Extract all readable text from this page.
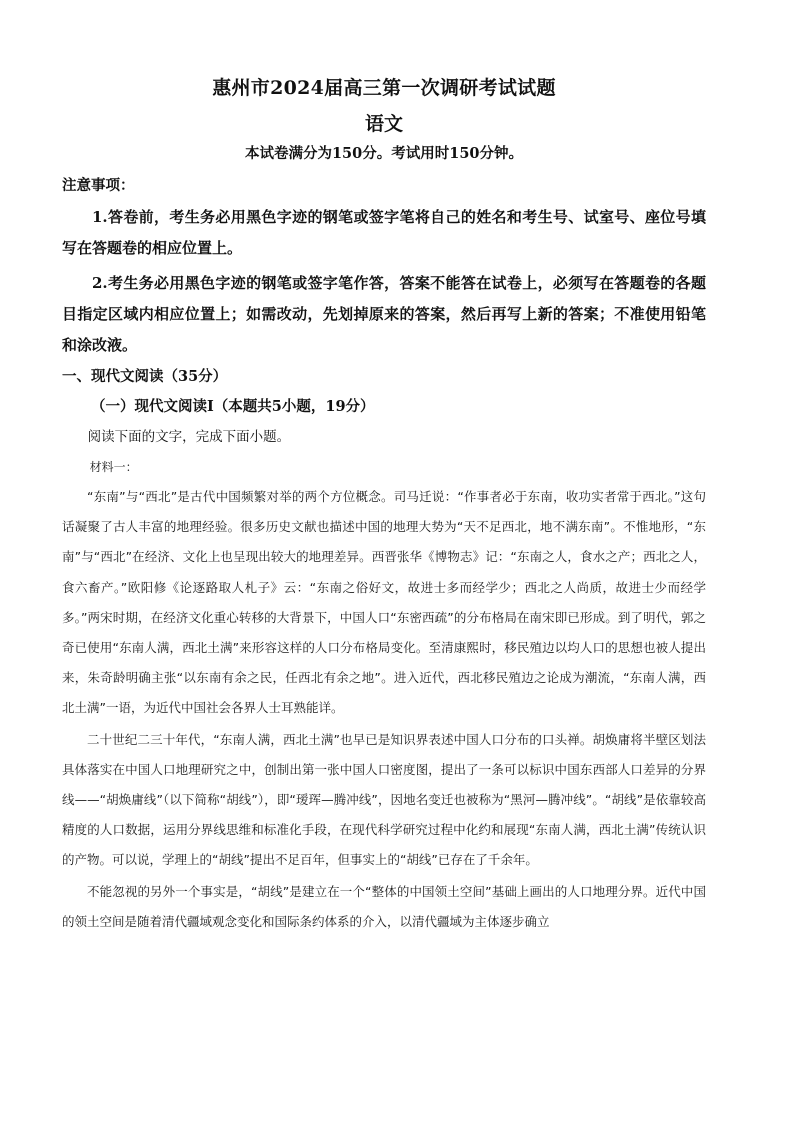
惠州市2024届高三第一次调研考试试题
语文
本试卷满分为150分。考试用时150分钟。
注意事项：
1.答卷前，考生务必用黑色字迹的钢笔或签字笔将自己的姓名和考生号、试室号、座位号填写在答题卷的相应位置上。
2.考生务必用黑色字迹的钢笔或签字笔作答，答案不能答在试卷上，必须写在答题卷的各题目指定区域内相应位置上；如需改动，先划掉原来的答案，然后再写上新的答案；不准使用铅笔和涂改液。
一、现代文阅读（35分）
（一）现代文阅读Ⅰ（本题共5小题，19分）
阅读下面的文字，完成下面小题。
材料一：

“东南”与“西北”是古代中国频繁对举的两个方位概念。司马迁说：“作事者必于东南，收功实者常于西北。”这句话凝聚了古人丰富的地理经验。很多历史文献也描述中国的地理大势为“天不足西北，地不满东南”。不惟地形，“东南”与“西北”在经济、文化上也呈现出较大的地理差异。西晋张华《博物志》记：“东南之人，食水之产；西北之人，食六畜产。”欧阳修《论逐路取人札子》云：“东南之俗好文，故进士多而经学少；西北之人尚质，故进士少而经学多。”两宋时期，在经济文化重心转移的大背景下，中国人口“东密西疏”的分布格局在南宋即已形成。到了明代，郭之奇已使用“东南人满，西北土满”来形容这样的人口分布格局变化。至清康熙时，移民殖边以均人口的思想也被人提出来，朱奇龄明确主张“以东南有余之民，任西北有余之地”。进入近代，西北移民殖边之论成为潮流，“东南人满，西北土满”一语，为近代中国社会各界人士耳熟能详。

二十世纪二三十年代，“东南人满，西北土满”也早已是知识界表述中国人口分布的口头禅。胡焕庸将半壁区划法具体落实在中国人口地理研究之中，创制出第一张中国人口密度图，提出了一条可以标识中国东西部人口差异的分界线——“胡焕庸线”（以下简称“胡线”），即“瑷珲—腾冲线”，因地名变迁也被称为“黑河—腾冲线”。“胡线”是依靠较高精度的人口数据，运用分界线思维和标准化手段，在现代科学研究过程中化约和展现“东南人满，西北土满”传统认识的产物。可以说，学理上的“胡线”提出不足百年，但事实上的“胡线”已存在了千余年。

不能忽视的另外一个事实是，“胡线”是建立在一个“整体的中国领土空间”基础上画出的人口地理分界。近代中国的领土空间是随着清代疆域观念变化和国际条约体系的介入，以清代疆域为主体逐步确立
